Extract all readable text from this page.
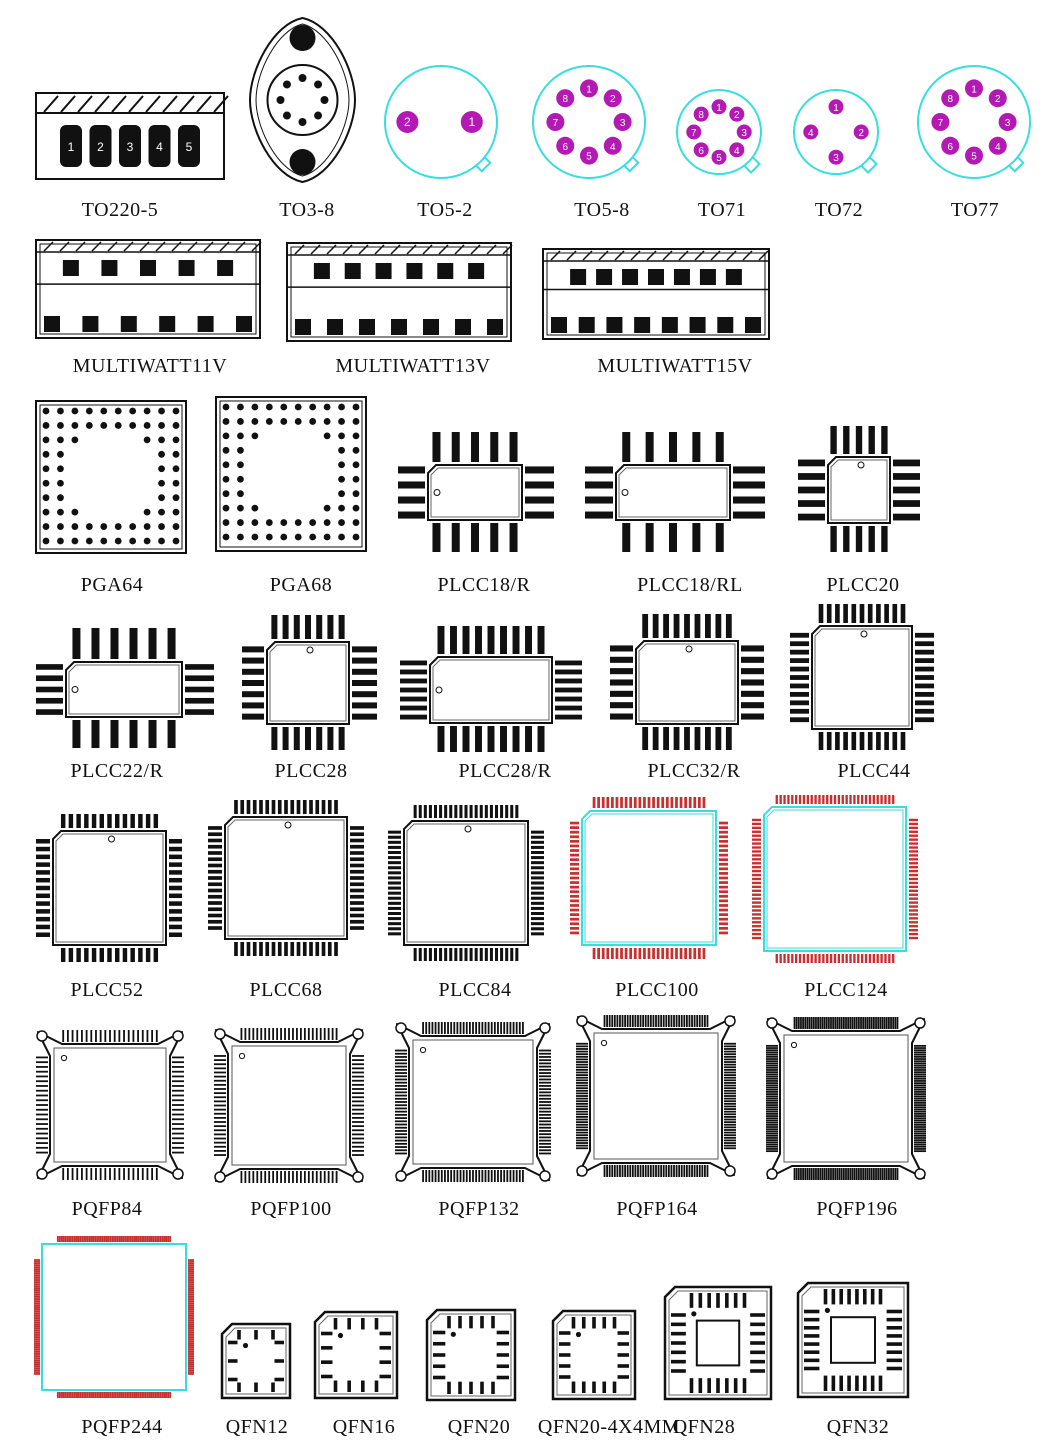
1 2 3 4 5
TO220-5	TO3-8
2	1
TO5-2
1
2
3
4
5
6
7
8
TO5-8
1
2
3
4
5
6
7
8
TO71
1
2
3
4
TO72
1
2
3
4
5
6
7
8
TO77
MULTIWATT11V	MULTIWATT13V	MULTIWATT15V
PGA64	PGA68	PLCC18/R	PLCC18/RL	PLCC20
PLCC22/R	PLCC28	PLCC28/R	PLCC32/R	PLCC44
PLCC52	PLCC68	PLCC84	PLCC100	PLCC124
PQFP84	PQFP100	PQFP132	PQFP164	PQFP196
PQFP244	QFN12 QFN16	QFN20 QFN20-4X4MM
QFN28	QFN32
